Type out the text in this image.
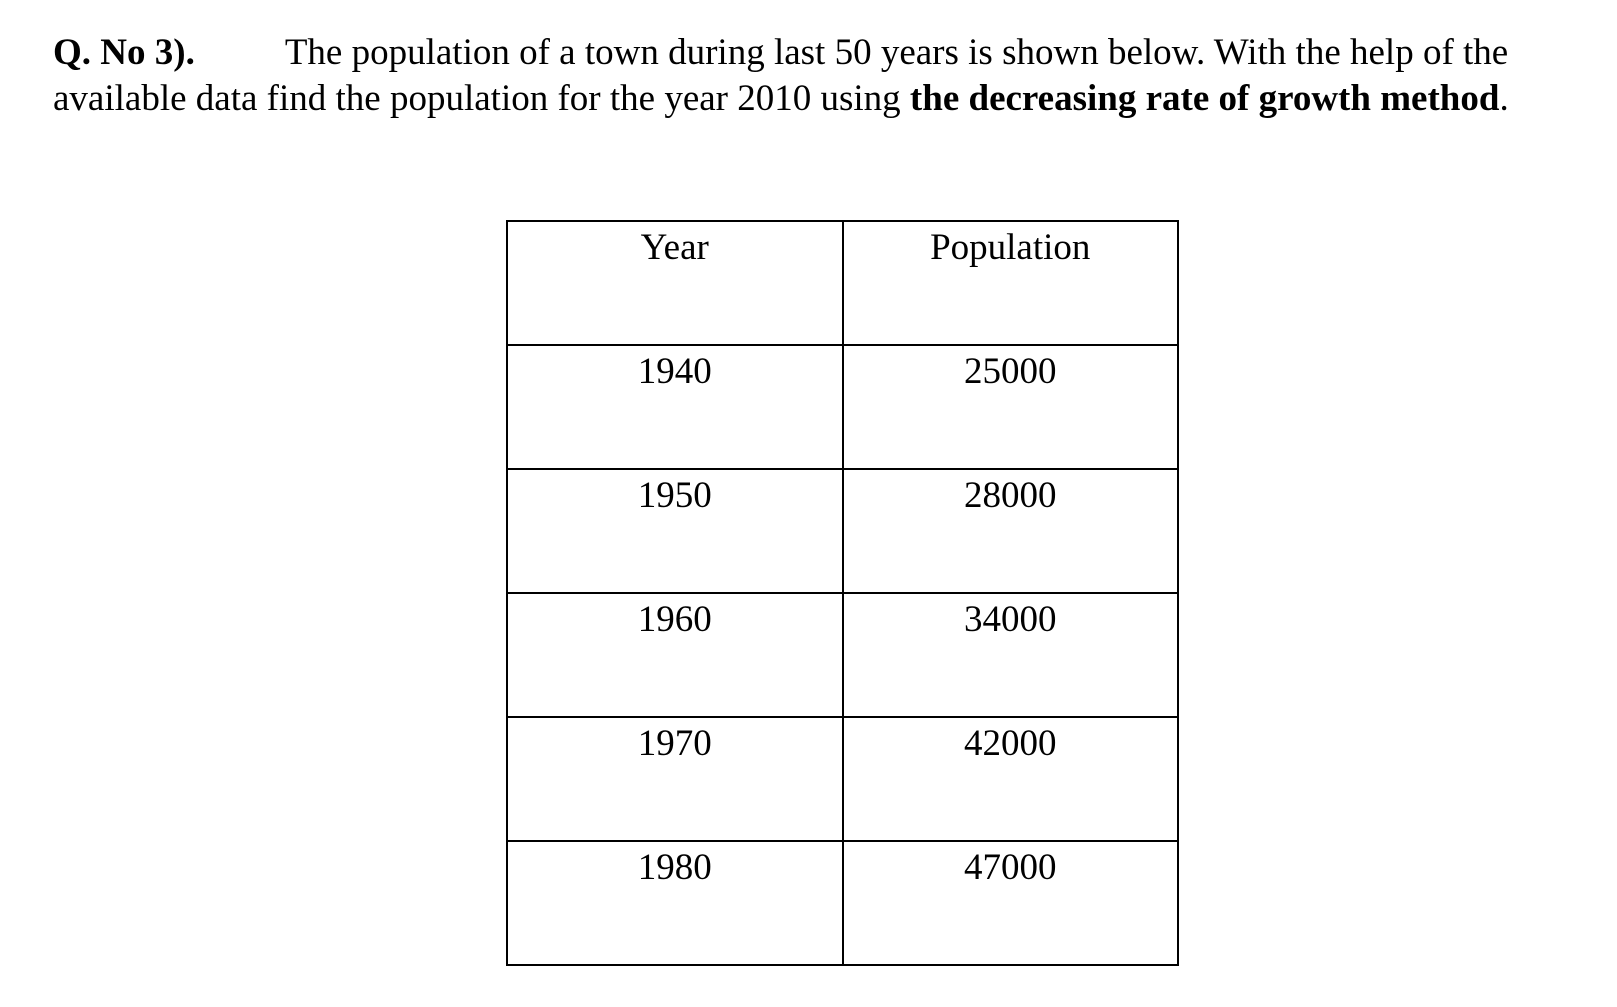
Q. No 3). The population of a town during last 50 years is shown below. With the help of the available data find the population for the year 2010 using the decreasing rate of growth method.
Year	Population
1940	25000
1950	28000
1960	34000
1970	42000
1980	47000
